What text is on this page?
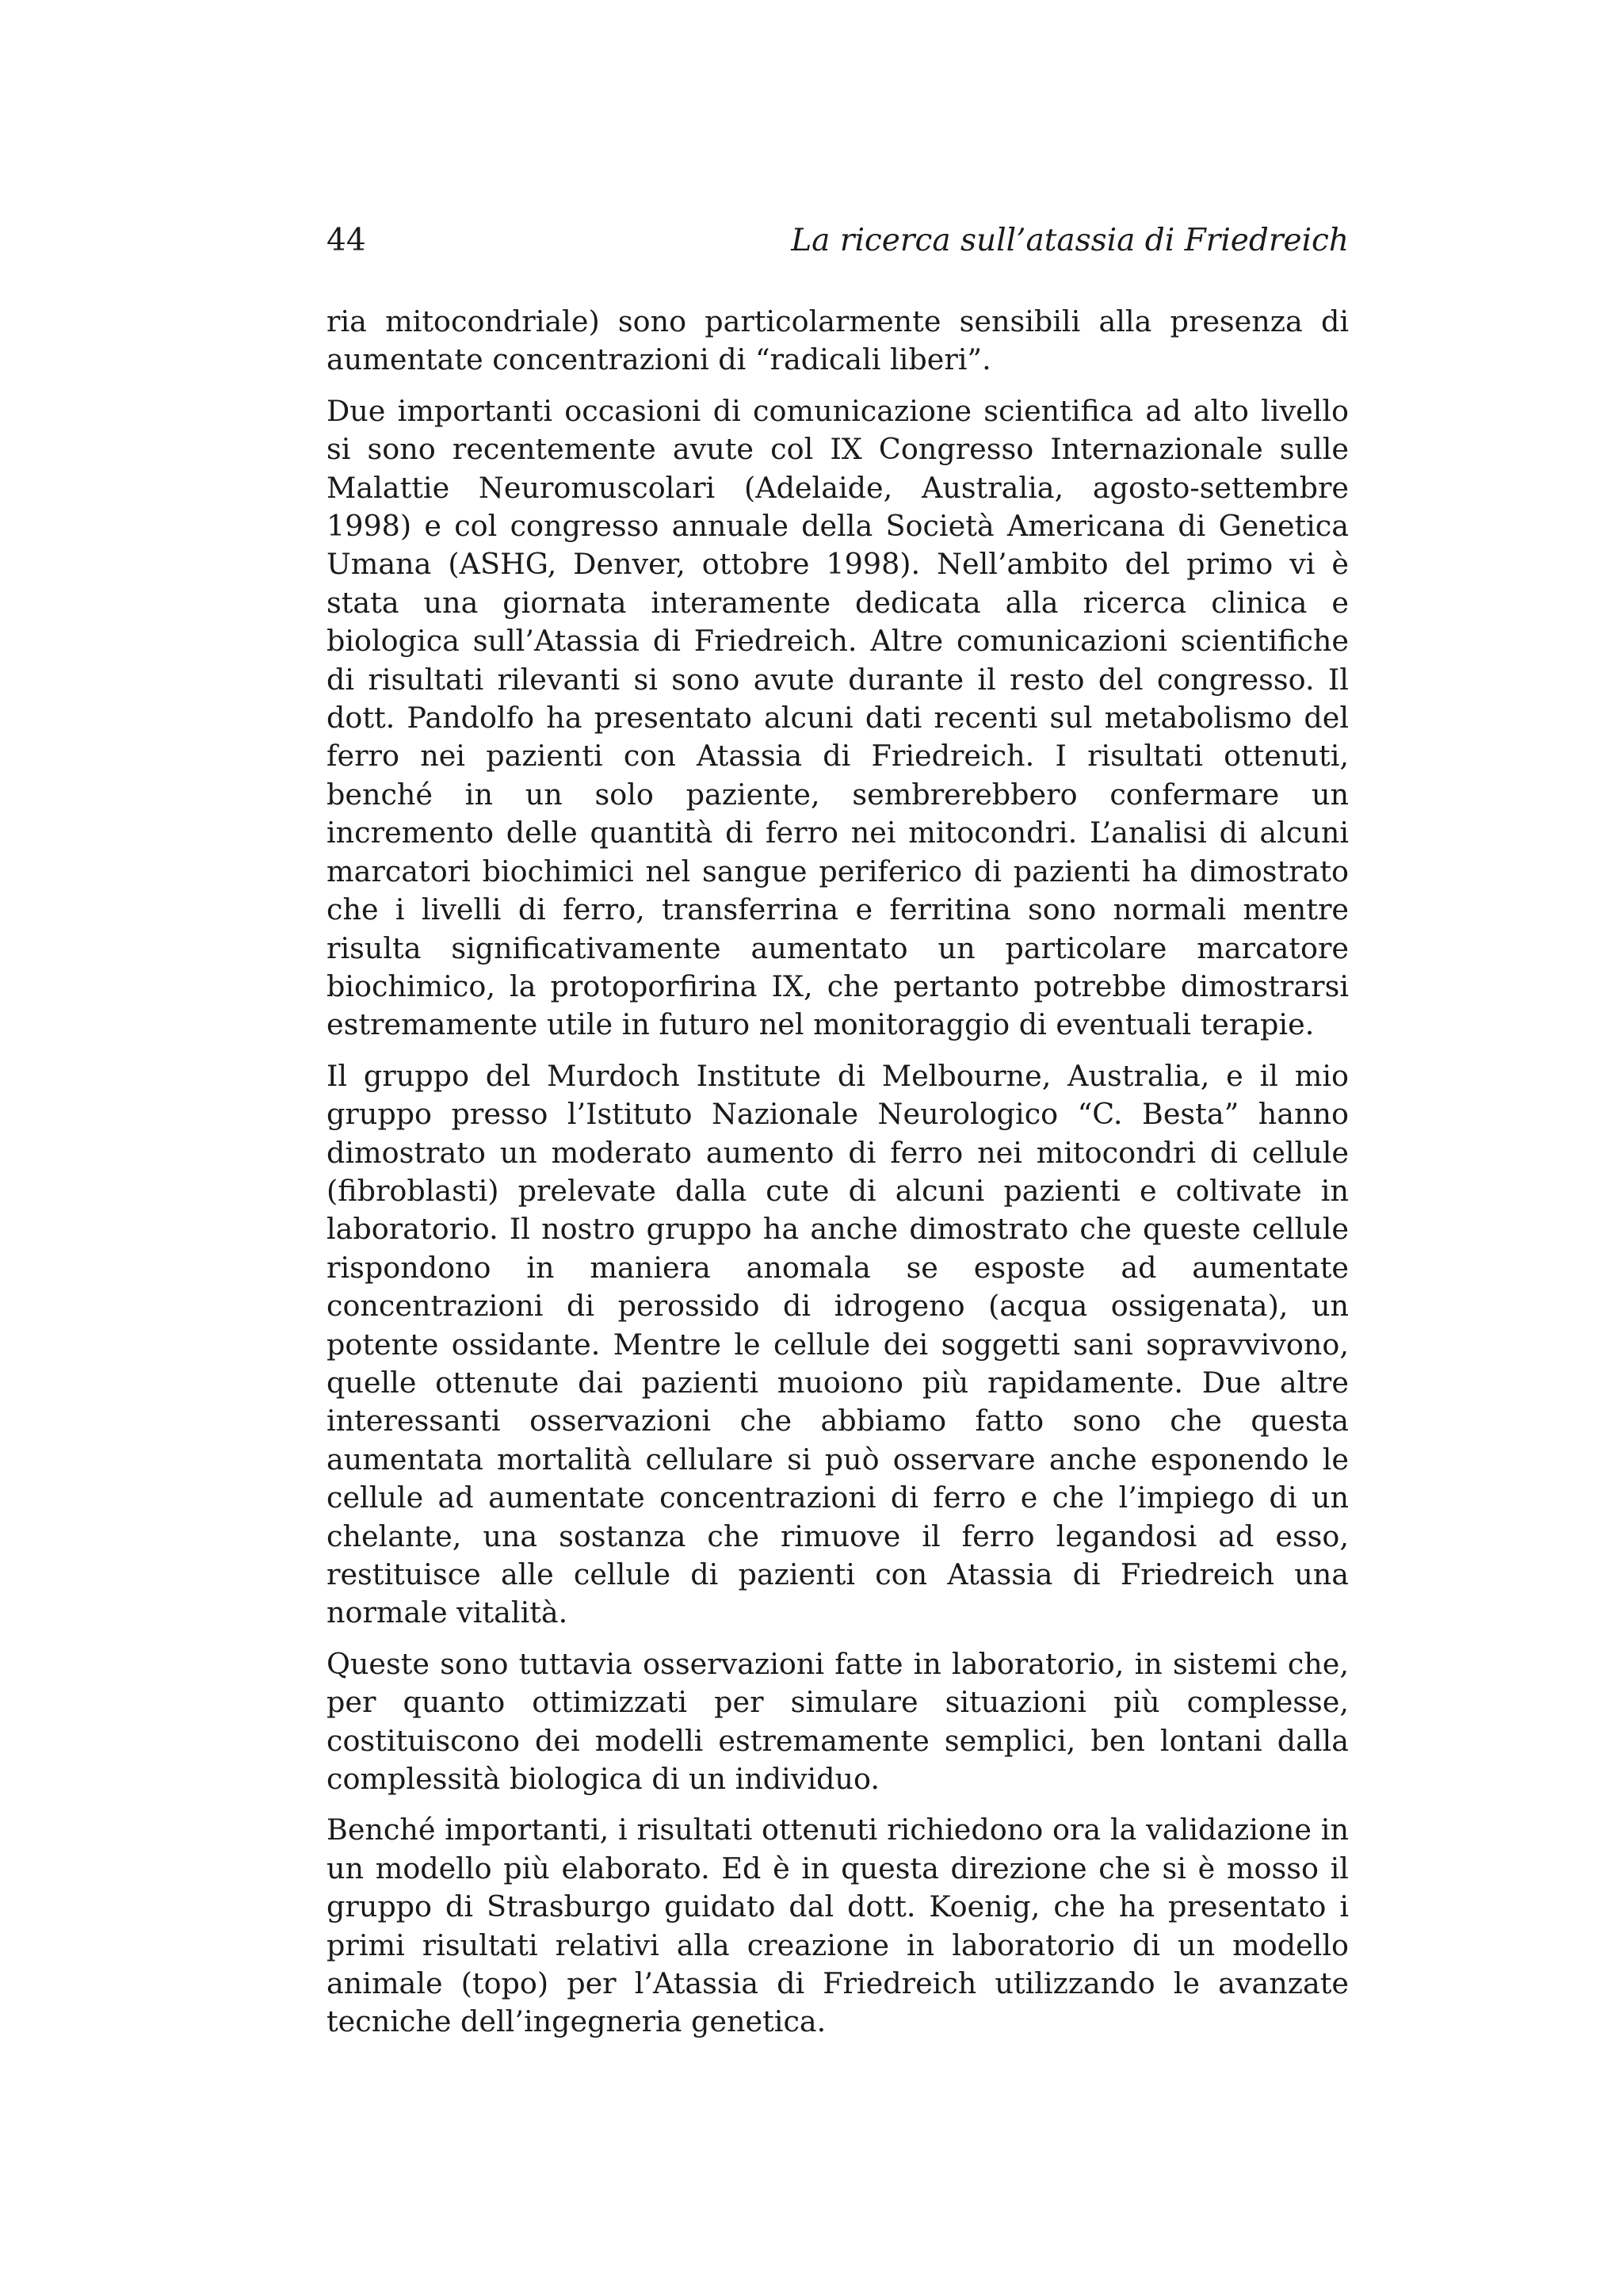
44	La ricerca sull’atassia di Friedreich

ria mitocondriale) sono particolarmente sensibili alla presenza di aumentate concentrazioni di “radicali liberi”.

Due importanti occasioni di comunicazione scientifica ad alto livello si sono recentemente avute col IX Congresso Internazionale sulle Malattie Neuromuscolari (Adelaide, Australia, agosto-settembre 1998) e col congresso annuale della Società Americana di Genetica Umana (ASHG, Denver, ottobre 1998). Nell’ambito del primo vi è stata una giornata interamente dedicata alla ricerca clinica e biologica sull’Atassia di Friedreich. Altre comunicazioni scientifiche di risultati rilevanti si sono avute durante il resto del congresso. Il dott. Pandolfo ha presentato alcuni dati recenti sul metabolismo del ferro nei pazienti con Atassia di Friedreich. I risultati ottenuti, benché in un solo paziente, sembrerebbero confermare un incremento delle quantità di ferro nei mitocondri. L’analisi di alcuni marcatori biochimici nel sangue periferico di pazienti ha dimostrato che i livelli di ferro, transferrina e ferritina sono normali mentre risulta significativamente aumentato un particolare marcatore biochimico, la protoporfirina IX, che pertanto potrebbe dimostrarsi estremamente utile in futuro nel monitoraggio di eventuali terapie.

Il gruppo del Murdoch Institute di Melbourne, Australia, e il mio gruppo presso l’Istituto Nazionale Neurologico “C. Besta” hanno dimostrato un moderato aumento di ferro nei mitocondri di cellule (fibroblasti) prelevate dalla cute di alcuni pazienti e coltivate in laboratorio. Il nostro gruppo ha anche dimostrato che queste cellule rispondono in maniera anomala se esposte ad aumentate concentrazioni di perossido di idrogeno (acqua ossigenata), un potente ossidante. Mentre le cellule dei soggetti sani sopravvivono, quelle ottenute dai pazienti muoiono più rapidamente. Due altre interessanti osservazioni che abbiamo fatto sono che questa aumentata mortalità cellulare si può osservare anche esponendo le cellule ad aumentate concentrazioni di ferro e che l’impiego di un chelante, una sostanza che rimuove il ferro legandosi ad esso, restituisce alle cellule di pazienti con Atassia di Friedreich una normale vitalità.

Queste sono tuttavia osservazioni fatte in laboratorio, in sistemi che, per quanto ottimizzati per simulare situazioni più complesse, costituiscono dei modelli estremamente semplici, ben lontani dalla complessità biologica di un individuo.

Benché importanti, i risultati ottenuti richiedono ora la validazione in un modello più elaborato. Ed è in questa direzione che si è mosso il gruppo di Strasburgo guidato dal dott. Koenig, che ha presentato i primi risultati relativi alla creazione in laboratorio di un modello animale (topo) per l’Atassia di Friedreich utilizzando le avanzate tecniche dell’ingegneria genetica.
